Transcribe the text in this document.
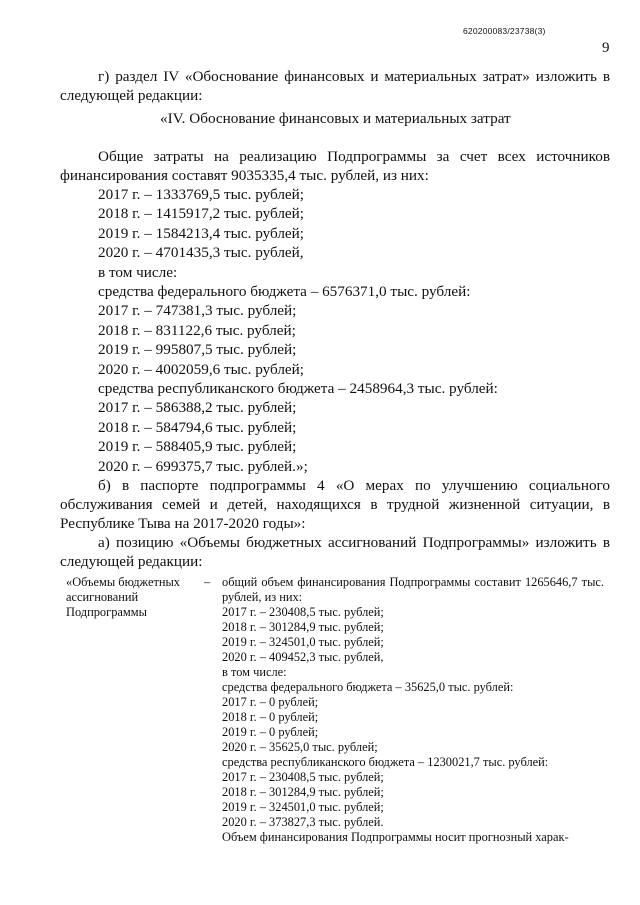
620200083/23738(3)
9

г) раздел IV «Обоснование финансовых и материальных затрат» изложить в следующей редакции:

«IV. Обоснование финансовых и материальных затрат

Общие затраты на реализацию Подпрограммы за счет всех источников финансирования составят 9035335,4 тыс. рублей, из них:

2017 г. – 1333769,5 тыс. рублей;

2018 г. – 1415917,2 тыс. рублей;

2019 г. – 1584213,4 тыс. рублей;

2020 г. – 4701435,3 тыс. рублей,

в том числе:

средства федерального бюджета – 6576371,0 тыс. рублей:

2017 г. – 747381,3 тыс. рублей;

2018 г. – 831122,6 тыс. рублей;

2019 г. – 995807,5 тыс. рублей;

2020 г. – 4002059,6 тыс. рублей;

средства республиканского бюджета – 2458964,3 тыс. рублей:

2017 г. – 586388,2 тыс. рублей;

2018 г. – 584794,6 тыс. рублей;

2019 г. – 588405,9 тыс. рублей;

2020 г. – 699375,7 тыс. рублей.»;

б) в паспорте подпрограммы 4 «О мерах по улучшению социального обслуживания семей и детей, находящихся в трудной жизненной ситуации, в Республике Тыва на 2017-2020 годы»:

а) позицию «Объемы бюджетных ассигнований Подпрограммы» изложить в следующей редакции:

«Объемы бюджетных ассигнований Подпрограммы
– общий объем финансирования Подпрограммы составит 1265646,7 тыс. рублей, из них:

2017 г. – 230408,5 тыс. рублей;
2018 г. – 301284,9 тыс. рублей;
2019 г. – 324501,0 тыс. рублей;
2020 г. – 409452,3 тыс. рублей,
в том числе:
средства федерального бюджета – 35625,0 тыс. рублей:
2017 г. – 0 рублей;
2018 г. – 0 рублей;
2019 г. – 0 рублей;
2020 г. – 35625,0 тыс. рублей;
средства республиканского бюджета – 1230021,7 тыс. рублей:
2017 г. – 230408,5 тыс. рублей;
2018 г. – 301284,9 тыс. рублей;
2019 г. – 324501,0 тыс. рублей;
2020 г. – 373827,3 тыс. рублей.
Объем финансирования Подпрограммы носит прогнозный харак-
